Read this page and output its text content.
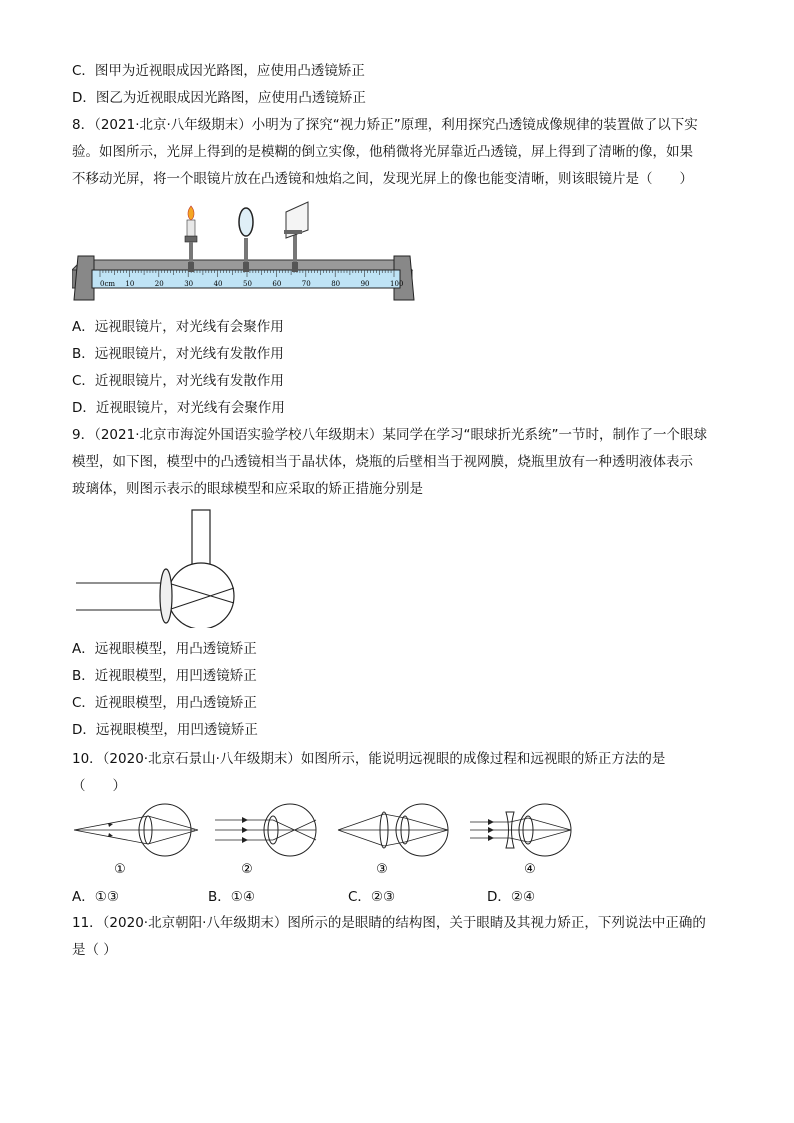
C．图甲为近视眼成因光路图，应使用凸透镜矫正
D．图乙为近视眼成因光路图，应使用凸透镜矫正
8．（2021·北京·八年级期末）小明为了探究“视力矫正”原理，利用探究凸透镜成像规律的装置做了以下实
验。如图所示，光屏上得到的是模糊的倒立实像，他稍微将光屏靠近凸透镜，屏上得到了清晰的像，如果
不移动光屏，将一个眼镜片放在凸透镜和烛焰之间，发现光屏上的像也能变清晰，则该眼镜片是（　　）
0cm 10	20	30	40	50	60	70	80	90	100
A．远视眼镜片，对光线有会聚作用
B．远视眼镜片，对光线有发散作用
C．近视眼镜片，对光线有发散作用
D．近视眼镜片，对光线有会聚作用
9．（2021·北京市海淀外国语实验学校八年级期末）某同学在学习“眼球折光系统”一节时，制作了一个眼球
模型，如下图，模型中的凸透镜相当于晶状体，烧瓶的后壁相当于视网膜，烧瓶里放有一种透明液体表示
玻璃体，则图示表示的眼球模型和应采取的矫正措施分别是
A．远视眼模型，用凸透镜矫正
B．近视眼模型，用凹透镜矫正
C．近视眼模型，用凸透镜矫正
D．远视眼模型，用凹透镜矫正
10．（2020·北京石景山·八年级期末）如图所示，能说明远视眼的成像过程和远视眼的矫正方法的是
（　　）
①	②	③	④
A．①③	B．①④	C．②③	D．②④
11．（2020·北京朝阳·八年级期末）图所示的是眼睛的结构图，关于眼睛及其视力矫正，下列说法中正确的
是（ ）
